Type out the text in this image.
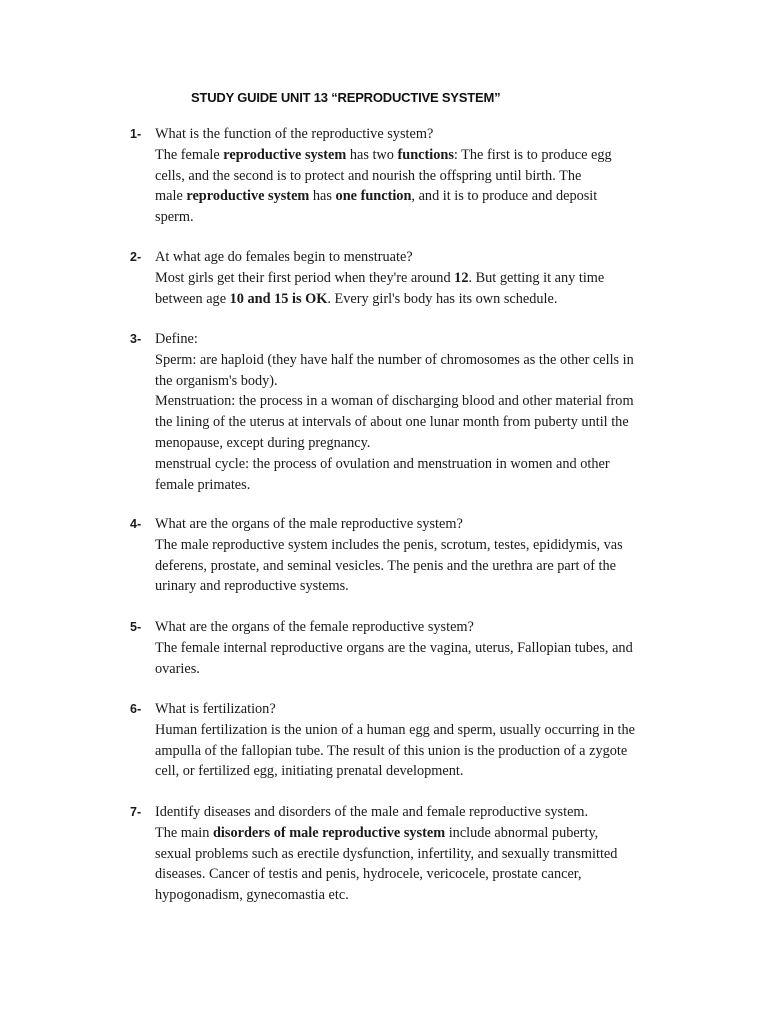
STUDY GUIDE UNIT 13 “REPRODUCTIVE SYSTEM”
1- What is the function of the reproductive system?
The female reproductive system has two functions: The first is to produce egg
cells, and the second is to protect and nourish the offspring until birth. The
male reproductive system has one function, and it is to produce and deposit
sperm.
2- At what age do females begin to menstruate?
Most girls get their first period when they're around 12. But getting it any time
between age 10 and 15 is OK. Every girl's body has its own schedule.
3- Define:
Sperm: are haploid (they have half the number of chromosomes as the other cells in
the organism's body).
Menstruation: the process in a woman of discharging blood and other material from
the lining of the uterus at intervals of about one lunar month from puberty until the
menopause, except during pregnancy.
menstrual cycle: the process of ovulation and menstruation in women and other
female primates.
4- What are the organs of the male reproductive system?
The male reproductive system includes the penis, scrotum, testes, epididymis, vas
deferens, prostate, and seminal vesicles. The penis and the urethra are part of the
urinary and reproductive systems.
5- What are the organs of the female reproductive system?
The female internal reproductive organs are the vagina, uterus, Fallopian tubes, and
ovaries.
6- What is fertilization?
Human fertilization is the union of a human egg and sperm, usually occurring in the
ampulla of the fallopian tube. The result of this union is the production of a zygote
cell, or fertilized egg, initiating prenatal development.
7- Identify diseases and disorders of the male and female reproductive system.
The main disorders of male reproductive system include abnormal puberty,
sexual problems such as erectile dysfunction, infertility, and sexually transmitted
diseases. Cancer of testis and penis, hydrocele, vericocele, prostate cancer,
hypogonadism, gynecomastia etc.
